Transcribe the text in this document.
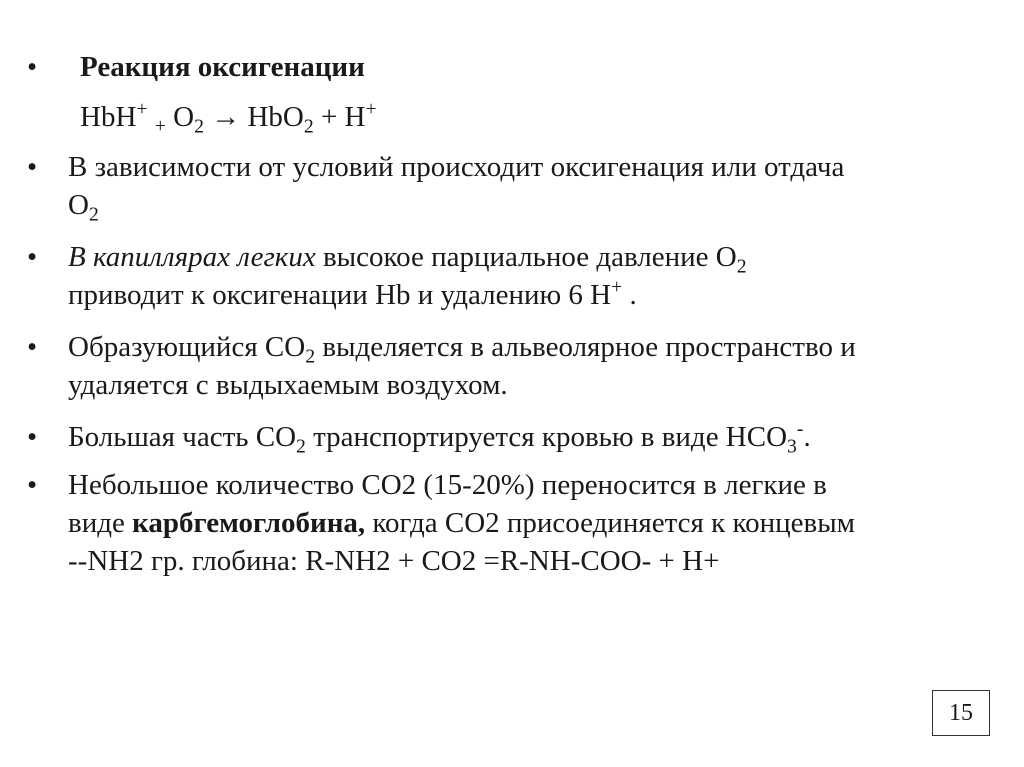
• Реакция оксигенации
HbH+ $_+$ $O_2 \to HbO_2 + H^+$
• В зависимости от условий происходит оксигенация или отдача
$O_2$
• В капиллярах легких высокое парциальное давление $O_2$
приводит к оксигенации Hb и удалению 6 H+ .
• Образующийся $CO_2$ выделяется в альвеолярное пространство и
удаляется с выдыхаемым воздухом.
• Большая часть $CO_2$ транспортируется кровью в виде $HCO_3^-$.
• Небольшое количество CO2 (15-20%) переносится в легкие в
виде карбгемоглобина, когда CO2 присоединяется к концевым
--NH2 гр. глобина: R-NH2 + CO2 =R-NH-COO- + H+
15
